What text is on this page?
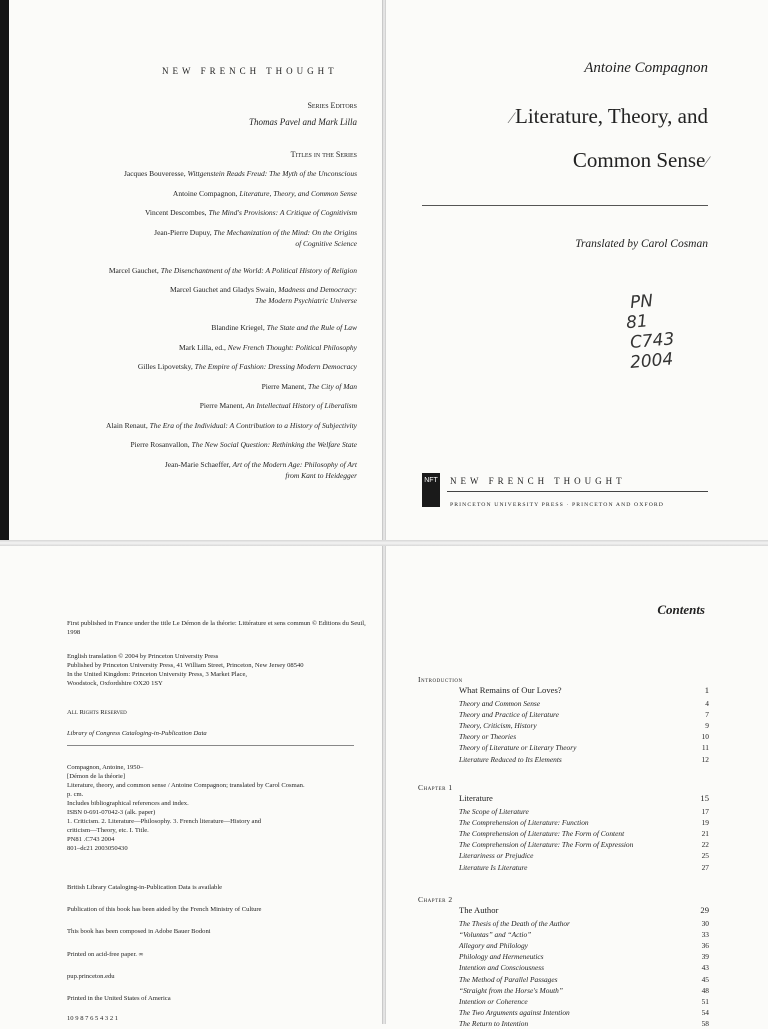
NEW FRENCH THOUGHT
Series Editors
Thomas Pavel and Mark Lilla
Titles in the Series
Jacques Bouveresse, Wittgenstein Reads Freud: The Myth of the Unconscious
Antoine Compagnon, Literature, Theory, and Common Sense
Vincent Descombes, The Mind's Provisions: A Critique of Cognitivism
Jean-Pierre Dupuy, The Mechanization of the Mind: On the Origins
of Cognitive Science
Marcel Gauchet, The Disenchantment of the World: A Political History of Religion
Marcel Gauchet and Gladys Swain, Madness and Democracy:
The Modern Psychiatric Universe
Blandine Kriegel, The State and the Rule of Law
Mark Lilla, ed., New French Thought: Political Philosophy
Gilles Lipovetsky, The Empire of Fashion: Dressing Modern Democracy
Pierre Manent, The City of Man
Pierre Manent, An Intellectual History of Liberalism
Alain Renaut, The Era of the Individual: A Contribution to a History of Subjectivity
Pierre Rosanvallon, The New Social Question: Rethinking the Welfare State
Jean-Marie Schaeffer, Art of the Modern Age: Philosophy of Art
from Kant to Heidegger
Antoine Compagnon
⁄Literature, Theory, and
Common Sense⁄
Translated by Carol Cosman
PN
81
C743
2004
NFT NEW FRENCH THOUGHT
PRINCETON UNIVERSITY PRESS · PRINCETON AND OXFORD
First published in France under the title Le Démon de la théorie: Littérature et sens commun © Editions du Seuil, 1998
English translation © 2004 by Princeton University Press
Published by Princeton University Press, 41 William Street, Princeton, New Jersey 08540
In the United Kingdom: Princeton University Press, 3 Market Place,
Woodstock, Oxfordshire OX20 1SY
All Rights Reserved
Library of Congress Cataloging-in-Publication Data
Compagnon, Antoine, 1950–
[Démon de la théorie]
Literature, theory, and common sense / Antoine Compagnon; translated by Carol Cosman.
p. cm.
Includes bibliographical references and index.
ISBN 0-691-07042-3 (alk. paper)
1. Criticism. 2. Literature—Philosophy. 3. French literature—History and
criticism—Theory, etc. I. Title.
PN81 .C743 2004
801–dc21 2003050430
British Library Cataloging-in-Publication Data is available
Publication of this book has been aided by the French Ministry of Culture
This book has been composed in Adobe Bauer Bodoni
Printed on acid-free paper. ∞
pup.princeton.edu
Printed in the United States of America
10 9 8 7 6 5 4 3 2 1
Contents
Introduction
What Remains of Our Loves?	1
Theory and Common Sense	4
Theory and Practice of Literature	7
Theory, Criticism, History	9
Theory or Theories	10
Theory of Literature or Literary Theory	11
Literature Reduced to Its Elements	12
Chapter 1
Literature	15
The Scope of Literature	17
The Comprehension of Literature: Function	19
The Comprehension of Literature: The Form of Content	21
The Comprehension of Literature: The Form of Expression	22
Literariness or Prejudice	25
Literature Is Literature	27
Chapter 2
The Author	29
The Thesis of the Death of the Author	30
“Voluntas” and “Actio”	33
Allegory and Philology	36
Philology and Hermeneutics	39
Intention and Consciousness	43
The Method of Parallel Passages	45
“Straight from the Horse's Mouth”	48
Intention or Coherence	51
The Two Arguments against Intention	54
The Return to Intention	58
